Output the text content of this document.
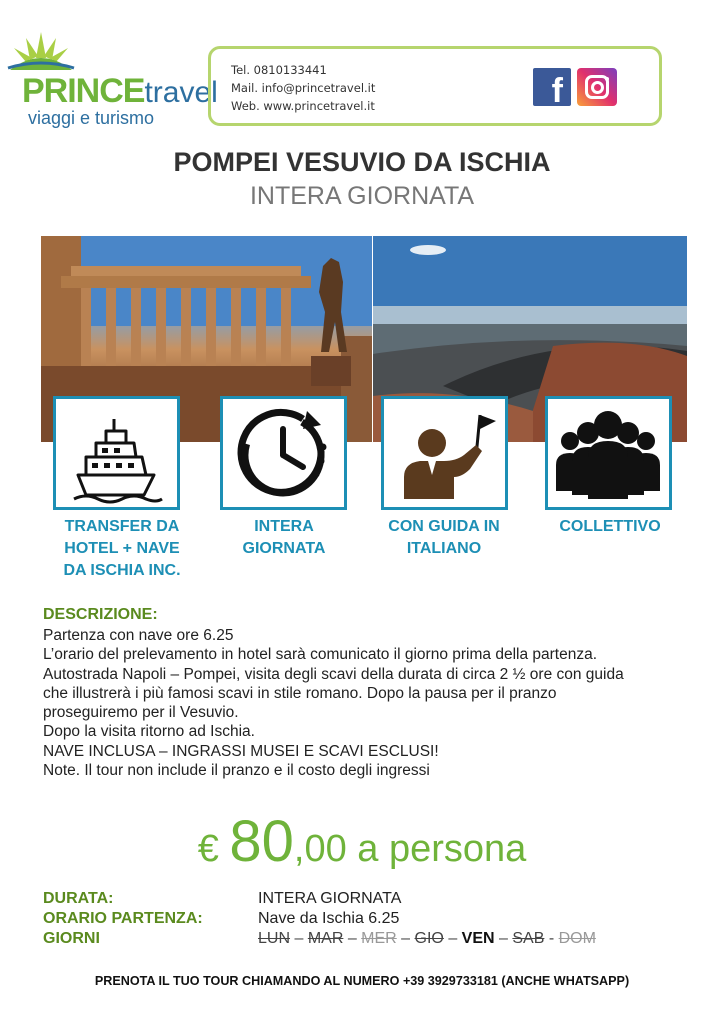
PRINCEtravel
viaggi e turismo
Tel. 0810133441
Mail. info@princetravel.it
Web. www.princetravel.it	f
POMPEI VESUVIO DA ISCHIA
INTERA GIORNATA
TRANSFER DA
HOTEL + NAVE
DA ISCHIA INC.
INTERA
GIORNATA
CON GUIDA IN
ITALIANO
COLLETTIVO
DESCRIZIONE:
Partenza con nave ore 6.25
L’orario del prelevamento in hotel sarà comunicato il giorno prima della partenza.
Autostrada Napoli – Pompei, visita degli scavi della durata di circa 2 ½ ore con guida
che illustrerà i più famosi scavi in stile romano. Dopo la pausa per il pranzo
proseguiremo per il Vesuvio.
Dopo la visita ritorno ad Ischia.
NAVE INCLUSA – INGRASSI MUSEI E SCAVI ESCLUSI!
Note. Il tour non include il pranzo e il costo degli ingressi
€ 80,00 a persona
DURATA:	INTERA GIORNATA
ORARIO PARTENZA:	Nave da Ischia 6.25
GIORNI	LUN – MAR – MER – GIO – VEN – SAB - DOM
PRENOTA IL TUO TOUR CHIAMANDO AL NUMERO +39 3929733181 (ANCHE WHATSAPP)
